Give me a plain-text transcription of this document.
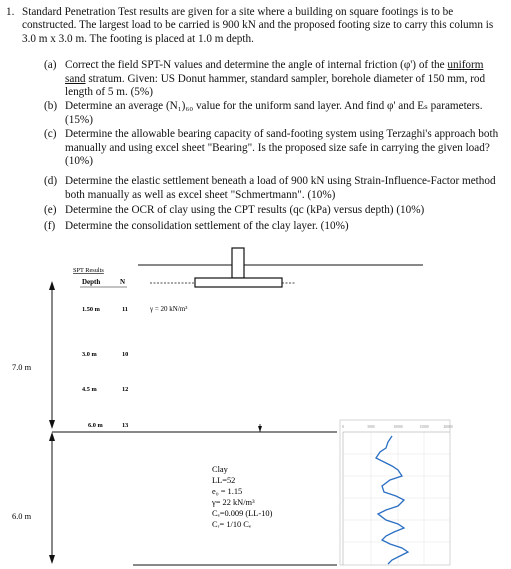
1. Standard Penetration Test results are given for a site where a building on square footings is to be constructed. The largest load to be carried is 900 kN and the proposed footing size to carry this column is 3.0 m x 3.0 m. The footing is placed at 1.0 m depth.
(a) Correct the field SPT-N values and determine the angle of internal friction (φ') of the uniform sand stratum. Given: US Donut hammer, standard sampler, borehole diameter of 150 mm, rod length of 5 m. (5%)
(b) Determine an average (N₁)₆₀ value for the uniform sand layer. And find φ' and Eₛ parameters. (15%)
(c) Determine the allowable bearing capacity of sand-footing system using Terzaghi's approach both manually and using excel sheet "Bearing". Is the proposed size safe in carrying the given load? (10%)
(d) Determine the elastic settlement beneath a load of 900 kN using Strain-Influence-Factor method both manually as well as excel sheet "Schmertmann". (10%)
(e) Determine the OCR of clay using the CPT results (qc (kPa) versus depth) (10%)
(f) Determine the consolidation settlement of the clay layer. (10%)
0	5000	10000	15000	20000
SPT Results
Depth	N
1.50 m	11
3.0 m	10
4.5 m	12
6.0 m	13
γ = 20 kN/m³
7.0 m
6.0 m
Clay
LL=52
e₀ = 1.15
γ= 22 kN/m³
Cₑ=0.009 (LL-10)
Cᵣ= 1/10 Cₑ
